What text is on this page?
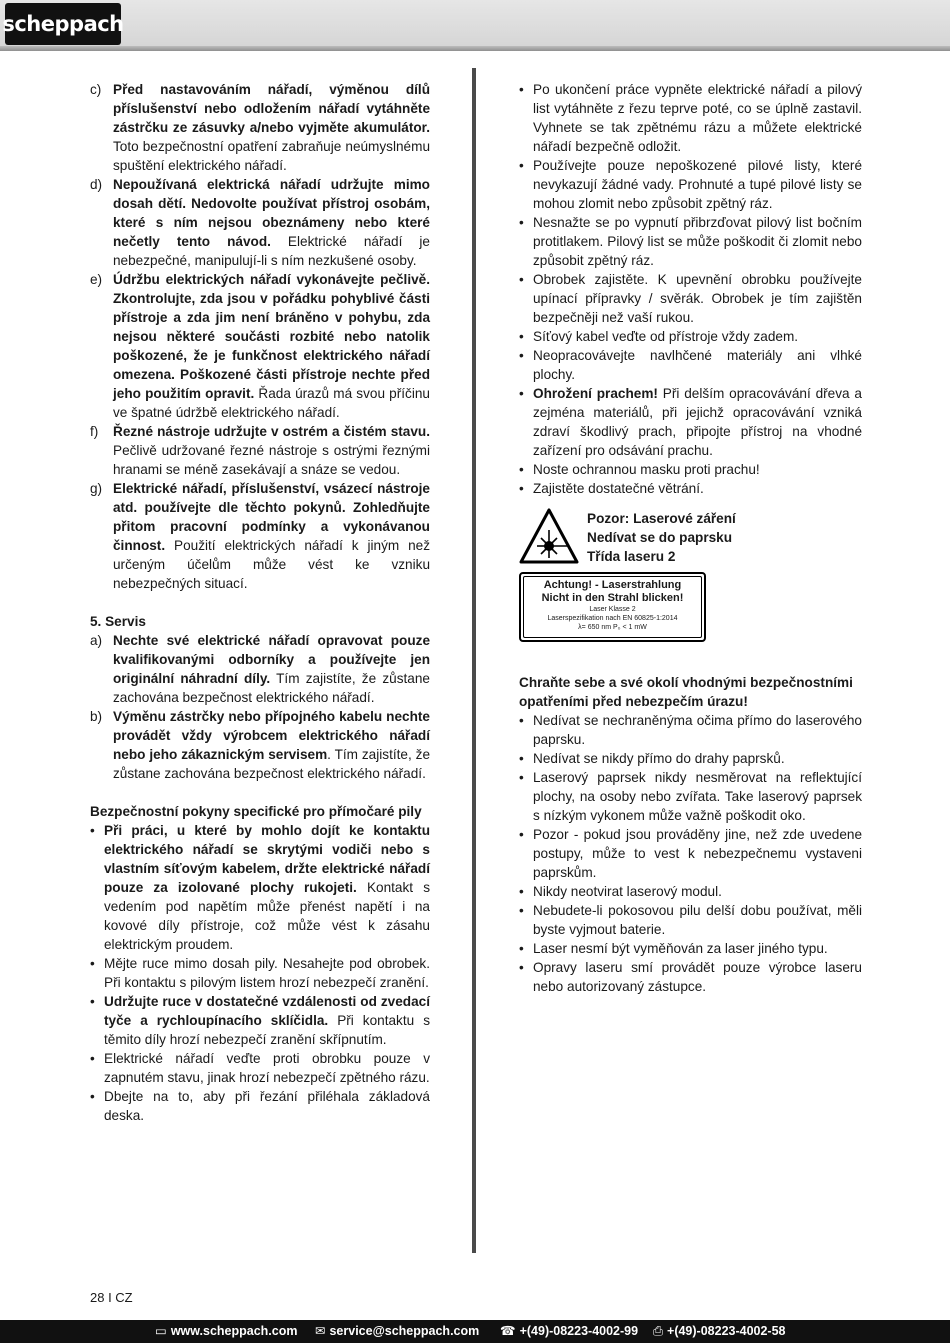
scheppach
c) Před nastavováním nářadí, výměnou dílů příslušenství nebo odložením nářadí vytáhněte zástrčku ze zásuvky a/nebo vyjměte akumulátor. Toto bezpečnostní opatření zabraňuje neúmyslnému spuštění elektrického nářadí.

d) Nepoužívaná elektrická nářadí udržujte mimo dosah dětí. Nedovolte používat přístroj osobám, které s ním nejsou obeznámeny nebo které nečetly tento návod. Elektrické nářadí je nebezpečné, manipulují-li s ním nezkušené osoby.

e) Údržbu elektrických nářadí vykonávejte pečlivě. Zkontrolujte, zda jsou v pořádku pohyblivé části přístroje a zda jim není bráněno v pohybu, zda nejsou některé součásti rozbité nebo natolik poškozené, že je funkčnost elektrického nářadí omezena. Poškozené části přístroje nechte před jeho použitím opravit. Řada úrazů má svou příčinu ve špatné údržbě elektrického nářadí.

f)	Řezné nástroje udržujte v ostrém a čistém stavu. Pečlivě udržované řezné nástroje s ostrými řeznými hranami se méně zasekávají a snáze se vedou.

g) Elektrické nářadí, příslušenství, vsázecí nástroje atd. používejte dle těchto pokynů. Zohledňujte přitom pracovní podmínky a vykonávanou činnost. Použití elektrických nářadí k jiným než určeným účelům může vést ke vzniku nebezpečných situací.

5. Servis

a) Nechte své elektrické nářadí opravovat pouze kvalifikovanými odborníky a používejte jen originální náhradní díly. Tím zajistíte, že zůstane zachována bezpečnost elektrického nářadí.

b) Výměnu zástrčky nebo přípojného kabelu nechte provádět vždy výrobcem elektrického nářadí nebo jeho zákaznickým servisem. Tím zajistíte, že zůstane zachována bezpečnost elektrického nářadí.

Bezpečnostní pokyny specifické pro přímočaré pily

• Při práci, u které by mohlo dojít ke kontaktu elektrického nářadí se skrytými vodiči nebo s vlastním síťovým kabelem, držte elektrické nářadí pouze za izolované plochy rukojeti. Kontakt s vedením pod napětím může přenést napětí i na kovové díly přístroje, což může vést k zásahu elektrickým proudem.

• Mějte ruce mimo dosah pily. Nesahejte pod obrobek. Při kontaktu s pilovým listem hrozí nebezpečí zranění.

• Udržujte ruce v dostatečné vzdálenosti od zvedací tyče a rychloupínacího sklíčidla. Při kontaktu s těmito díly hrozí nebezpečí zranění skřípnutím.

• Elektrické nářadí veďte proti obrobku pouze v zapnutém stavu, jinak hrozí nebezpečí zpětného rázu.

• Dbejte na to, aby při řezání přiléhala základová deska.

• Po ukončení práce vypněte elektrické nářadí a pilový list vytáhněte z řezu teprve poté, co se úplně zastavil. Vyhnete se tak zpětnému rázu a můžete elektrické nářadí bezpečně odložit.

• Používejte pouze nepoškozené pilové listy, které nevykazují žádné vady. Prohnuté a tupé pilové listy se mohou zlomit nebo způsobit zpětný ráz.

• Nesnažte se po vypnutí přibrzďovat pilový list bočním protitlakem. Pilový list se může poškodit či zlomit nebo způsobit zpětný ráz.

• Obrobek zajistěte. K upevnění obrobku používejte upínací přípravky / svěrák. Obrobek je tím zajištěn bezpečněji než vaší rukou.

• Síťový kabel veďte od přístroje vždy zadem.

• Neopracovávejte navlhčené materiály ani vlhké plochy.

• Ohrožení prachem! Při delším opracovávání dřeva a zejména materiálů, při jejichž opracovávání vzniká zdraví škodlivý prach, připojte přístroj na vhodné zařízení pro odsávání prachu.

• Noste ochrannou masku proti prachu!

• Zajistěte dostatečné větrání.

Pozor: Laserové záření
Nedívat se do paprsku
Třída laseru 2
Achtung! - Laserstrahlung
Nicht in den Strahl blicken!
Laser Klasse 2
Laserspezifikation nach EN 60825-1:2014
λ= 650 nm P₀ < 1 mW

Chraňte sebe a své okolí vhodnými bezpečnostními opatřeními před nebezpečím úrazu!

• Nedívat se nechraněnýma očima přímo do laserového paprsku.

• Nedívat se nikdy přímo do drahy paprsků.

• Laserový paprsek nikdy nesměrovat na reflektující plochy, na osoby nebo zvířata. Take laserový paprsek s nízkým vykonem může važně poškodit oko.

• Pozor - pokud jsou prováděny jine, než zde uvedene postupy, může to vest k nebezpečnemu vystaveni paprskům.

• Nikdy neotvirat laserový modul.

• Nebudete-li pokosovou pilu delší dobu používat, měli byste vyjmout baterie.

• Laser nesmí být vyměňován za laser jiného typu.

• Opravy laseru smí provádět pouze výrobce laseru nebo autorizovaný zástupce.

28 I CZ
▭ www.scheppach.com ✉ service@scheppach.com ☎ +(49)-08223-4002-99 ⎙ +(49)-08223-4002-58
